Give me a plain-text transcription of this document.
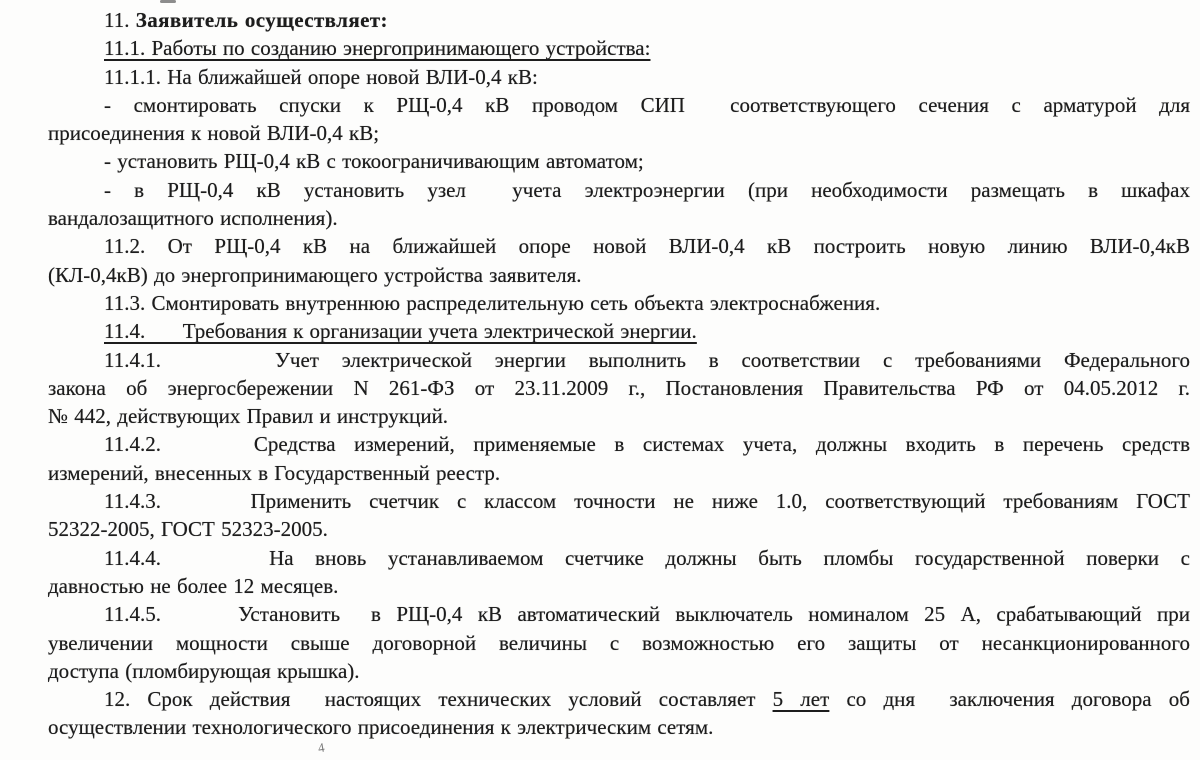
11. Заявитель осуществляет:
11.1. Работы по созданию энергопринимающего устройства:
11.1.1. На ближайшей опоре новой ВЛИ-0,4 кВ:
- смонтировать спуски к РЩ-0,4 кВ проводом СИП  соответствующего сечения с арматурой для
присоединения к новой ВЛИ-0,4 кВ;
- установить РЩ-0,4 кВ с токоограничивающим автоматом;
- в РЩ-0,4 кВ установить узел  учета электроэнергии (при необходимости размещать в шкафах
вандалозащитного исполнения).
11.2. От РЩ-0,4 кВ на ближайшей опоре новой ВЛИ-0,4 кВ построить новую линию ВЛИ-0,4кВ
(КЛ-0,4кВ) до энергопринимающего устройства заявителя.
11.3. Смонтировать внутреннюю распределительную сеть объекта электроснабжения.
11.4.      Требования к организации учета электрической энергии.
11.4.1.     Учет электрической энергии выполнить в соответствии с требованиями Федерального
закона об энергосбережении N 261-ФЗ от 23.11.2009 г., Постановления Правительства РФ от 04.05.2012 г.
№ 442, действующих Правил и инструкций.
11.4.2.     Средства измерений, применяемые в системах учета, должны входить в перечень средств
измерений, внесенных в Государственный реестр.
11.4.3.     Применить счетчик с классом точности не ниже 1.0, соответствующий требованиям ГОСТ
52322-2005, ГОСТ 52323-2005.
11.4.4.     На вновь устанавливаемом счетчике должны быть пломбы государственной поверки с
давностью не более 12 месяцев.
11.4.5.     Установить  в РЩ-0,4 кВ автоматический выключатель номиналом 25 А, срабатывающий при
увеличении мощности свыше договорной величины с возможностью его защиты от несанкционированного
доступа (пломбирующая крышка).
12. Срок действия  настоящих технических условий составляет 5 лет со дня  заключения договора об
осуществлении технологического присоединения к электрическим сетям.
4
